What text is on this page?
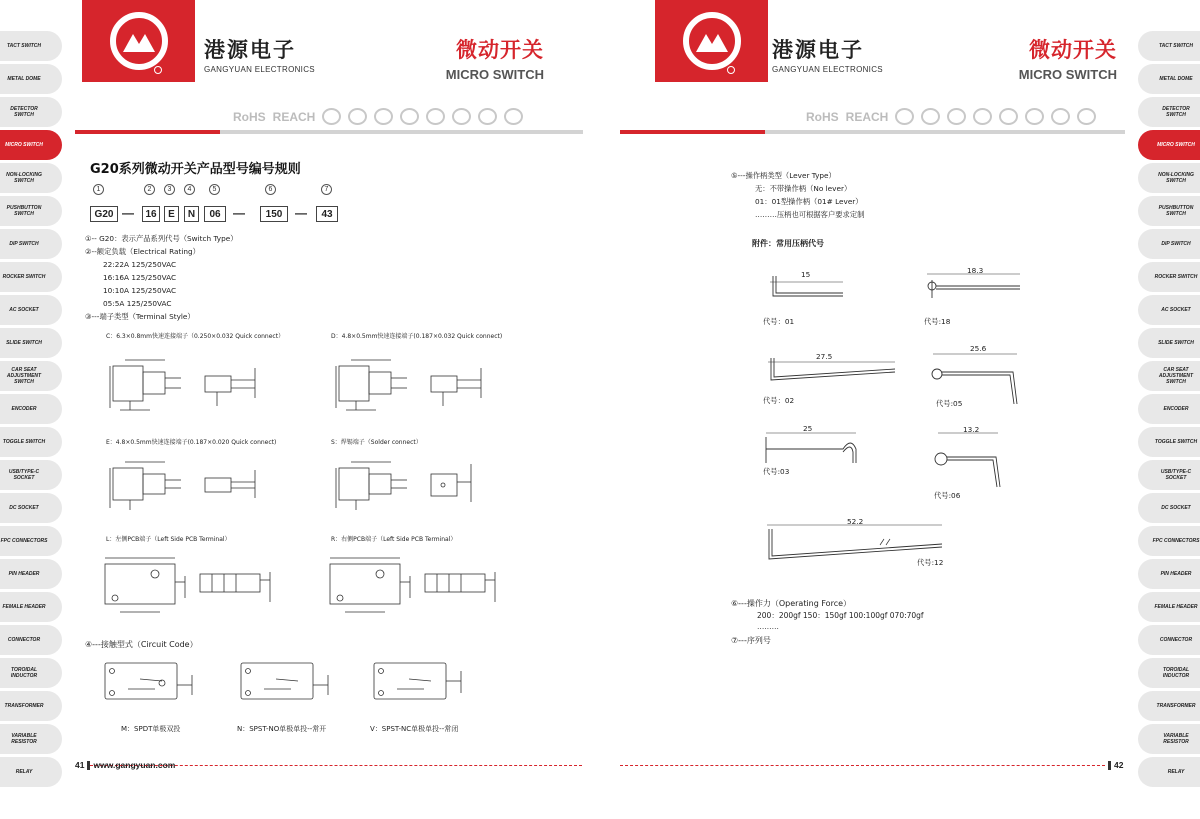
TACT SWITCH
METAL DOME
DETECTOR SWITCH
MICRO SWITCH
NON-LOCKING SWITCH
PUSHBUTTON SWITCH
DIP SWITCH
ROCKER SWITCH
AC SOCKET
SLIDE SWITCH
CAR SEAT ADJUSTMENT SWITCH
ENCODER
TOGGLE SWITCH
USB/TYPE-C SOCKET
DC SOCKET
FPC CONNECTORS
PIN HEADER
FEMALE HEADER
CONNECTOR
TOROIDAL INDUCTOR
TRANSFORMER
VARIABLE RESISTOR
RELAY
TACT SWITCH
METAL DOME
DETECTOR SWITCH
MICRO SWITCH
NON-LOCKING SWITCH
PUSHBUTTON SWITCH
DIP SWITCH
ROCKER SWITCH
AC SOCKET
SLIDE SWITCH
CAR SEAT ADJUSTMENT SWITCH
ENCODER
TOGGLE SWITCH
USB/TYPE-C SOCKET
DC SOCKET
FPC CONNECTORS
PIN HEADER
FEMALE HEADER
CONNECTOR
TOROIDAL INDUCTOR
TRANSFORMER
VARIABLE RESISTOR
RELAY
港源电子
GANGYUAN ELECTRONICS
微动开关
MICRO SWITCH
RoHS REACH
港源电子
GANGYUAN ELECTRONICS
微动开关
MICRO SWITCH
RoHS REACH
G20系列微动开关产品型号编号规则
1	2	3	4	5	6	7
G20 —	16	E	N	06	—	150	—	43
①-- G20：表示产品系列代号（Switch Type）
②--额定负载（Electrical Rating）
22:22A 125/250VAC
16:16A 125/250VAC
10:10A 125/250VAC
05:5A 125/250VAC
③---端子类型（Terminal Style）
C：6.3×0.8mm快速连接端子（0.250×0.032 Quick connect）	D：4.8×0.5mm快速连接端子(0.187×0.032 Quick connect)
E：4.8×0.5mm快速连接端子(0.187×0.020 Quick connect)	S：焊锡端子（Solder connect）
L：左侧PCB端子（Left Side PCB Terminal）	R：右侧PCB端子（Left Side PCB Terminal）
④---接触型式（Circuit Code）
M：SPDT单极双投	N：SPST-NO单极单投--常开	V：SPST-NC单极单投--常闭
⑤---操作柄类型（Lever Type）
无：不带操作柄（No lever）
01：01型操作柄（01# Lever）
………压柄也可根据客户要求定制
附件：常用压柄代号
15
代号：01
18.3
代号:18
27.5
代号：02
25.6
代号:05
25
代号:03
13.2
代号:06
52.2
代号:12
⑥---操作力（Operating Force）
200：200gf 150：150gf 100:100gf 070:70gf
………
⑦---序列号
41 www.gangyuan.com	42
